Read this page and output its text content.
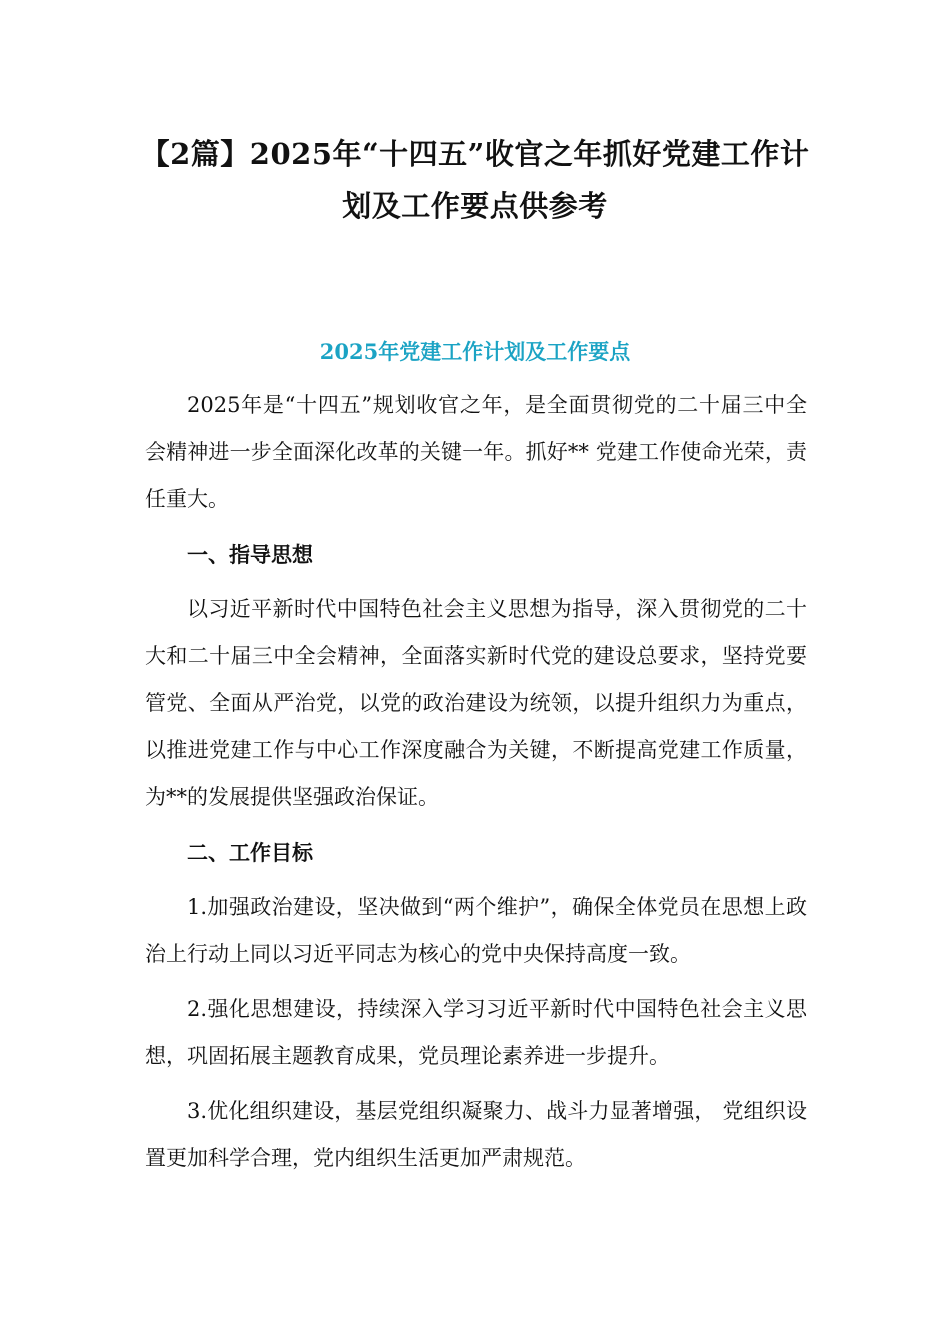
【2篇】2025年“十四五”收官之年抓好党建工作计划及工作要点供参考
2025年党建工作计划及工作要点

2025年是“十四五”规划收官之年，是全面贯彻党的二十届三中全会精神进一步全面深化改革的关键一年。抓好** 党建工作使命光荣，责任重大。

一、指导思想

以习近平新时代中国特色社会主义思想为指导，深入贯彻党的二十大和二十届三中全会精神，全面落实新时代党的建设总要求，坚持党要管党、全面从严治党，以党的政治建设为统领，以提升组织力为重点，以推进党建工作与中心工作深度融合为关键，不断提高党建工作质量，为**的发展提供坚强政治保证。

二、工作目标

1.加强政治建设，坚决做到“两个维护”，确保全体党员在思想上政治上行动上同以习近平同志为核心的党中央保持高度一致。

2.强化思想建设，持续深入学习习近平新时代中国特色社会主义思想，巩固拓展主题教育成果，党员理论素养进一步提升。

3.优化组织建设，基层党组织凝聚力、战斗力显著增强， 党组织设置更加科学合理，党内组织生活更加严肃规范。
